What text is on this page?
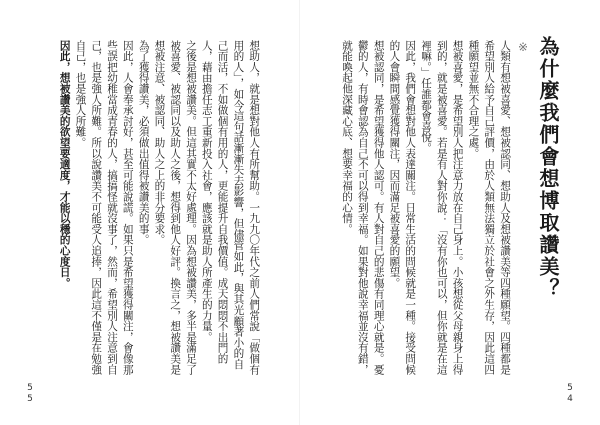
想助人，就是想對他人有所幫助。一九九〇年代之前人們常說「做個有用的人」，如今這句話漸漸失去影響，但儘管如此，與其光顧著小的自己而活，不如做個有用的人，更能提升自我價值。成天悶悶不出門的人，藉由擔任志工重新投入社會，應該就是助人所產生的力量。
之後是想被讚美。但這其實不太好處理。因為想被讚美，多半是滿足了被喜愛、被認同以及助人之後，想得到他人好評。換言之，想被讚美是想被注意、被認同、助人之上的非分要求。
為了獲得讚美，必須做出值得被讚美的事。
因此，人會奉承討好，甚至可能說謊。如果只是希望獲得關注，會像那些誤把幼稚當成青春的人，搞搞怪就沒事了，然而，希望別人注意到自己，也是強人所難。所以說讚美不可能受人追捧，因此這不僅是在勉強自己，也是強人所難。
因此，想被讚美的欲望要適度，才能以穩的心度日。

55
※ 為什麼我們會想博取讚美？
人類有想被喜愛、想被認同、想助人及想被讚美等四種願望。四種都是希望別人給予自己評價，由於人類無法獨立於社會之外生存，因此這四種願望並無不合理之處。
想被喜愛，是希望別人把注意力放在自己身上。小孩想從父母親身上得到的，就是被喜愛。若是有人對你說：「沒有你也可以，但你就是在這裡嘛。」任誰都會喜悅。
因此，我們會想對他人表達關注。日常生活的問候就是一種。接受問候的人會瞬間感覺獲得關注，因而滿足被喜愛的願望。
想被認同，是希望獲得他人認可。有人對自己的悲傷有同理心就是。憂鬱的人，有時會認為自己不可以得到幸福。如果對他說幸福並沒有錯，就能喚起他深藏心底、想要幸福的心情。
54
